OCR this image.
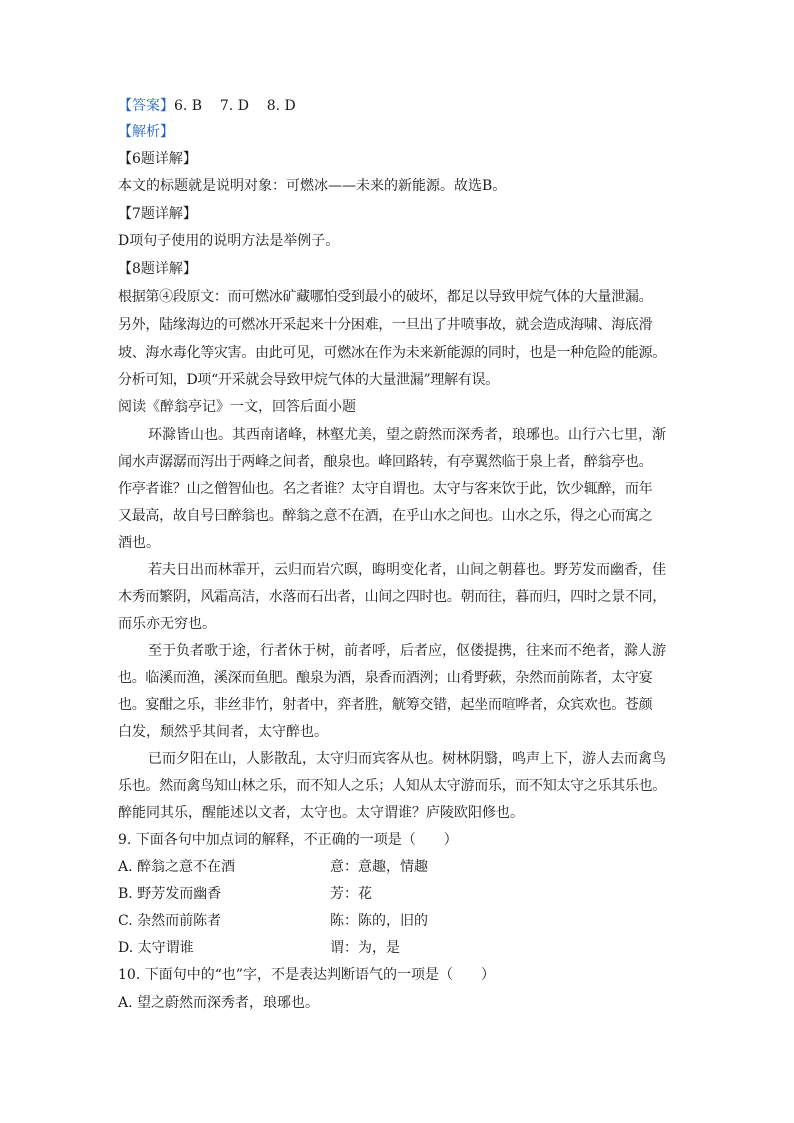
【答案】6. B    7. D    8. D
【解析】
【6题详解】
本文的标题就是说明对象：可燃冰——未来的新能源。故选B。
【7题详解】
D项句子使用的说明方法是举例子。
【8题详解】
根据第④段原文：而可燃冰矿藏哪怕受到最小的破坏，都足以导致甲烷气体的大量泄漏。
另外，陆缘海边的可燃冰开采起来十分困难，一旦出了井喷事故，就会造成海啸、海底滑
坡、海水毒化等灾害。由此可见，可燃冰在作为未来新能源的同时，也是一种危险的能源。
分析可知，D项“开采就会导致甲烷气体的大量泄漏”理解有误。
阅读《醉翁亭记》一文，回答后面小题
环滁皆山也。其西南诸峰，林壑尤美，望之蔚然而深秀者，琅琊也。山行六七里，渐
闻水声潺潺而泻出于两峰之间者，酿泉也。峰回路转，有亭翼然临于泉上者，醉翁亭也。
作亭者谁？山之僧智仙也。名之者谁？太守自谓也。太守与客来饮于此，饮少辄醉，而年
又最高，故自号曰醉翁也。醉翁之意不在酒，在乎山水之间也。山水之乐，得之心而寓之
酒也。
若夫日出而林霏开，云归而岩穴暝，晦明变化者，山间之朝暮也。野芳发而幽香，佳
木秀而繁阴，风霜高洁，水落而石出者，山间之四时也。朝而往，暮而归，四时之景不同，
而乐亦无穷也。
至于负者歌于途，行者休于树，前者呼，后者应，伛偻提携，往来而不绝者，滁人游
也。临溪而渔，溪深而鱼肥。酿泉为酒，泉香而酒洌；山肴野蔌，杂然而前陈者，太守宴
也。宴酣之乐，非丝非竹，射者中，弈者胜，觥筹交错，起坐而喧哗者，众宾欢也。苍颜
白发，颓然乎其间者，太守醉也。
已而夕阳在山，人影散乱，太守归而宾客从也。树林阴翳，鸣声上下，游人去而禽鸟
乐也。然而禽鸟知山林之乐，而不知人之乐；人知从太守游而乐，而不知太守之乐其乐也。
醉能同其乐，醒能述以文者，太守也。太守谓谁？庐陵欧阳修也。
9. 下面各句中加点词的解释，不正确的一项是（　　）
A. 醉翁之意不在酒	意：意趣，情趣
B. 野芳发而幽香	芳：花
C. 杂然而前陈者	陈：陈的，旧的
D. 太守谓谁	谓：为，是
10. 下面句中的“也”字，不是表达判断语气的一项是（　　）
A. 望之蔚然而深秀者，琅琊也。
